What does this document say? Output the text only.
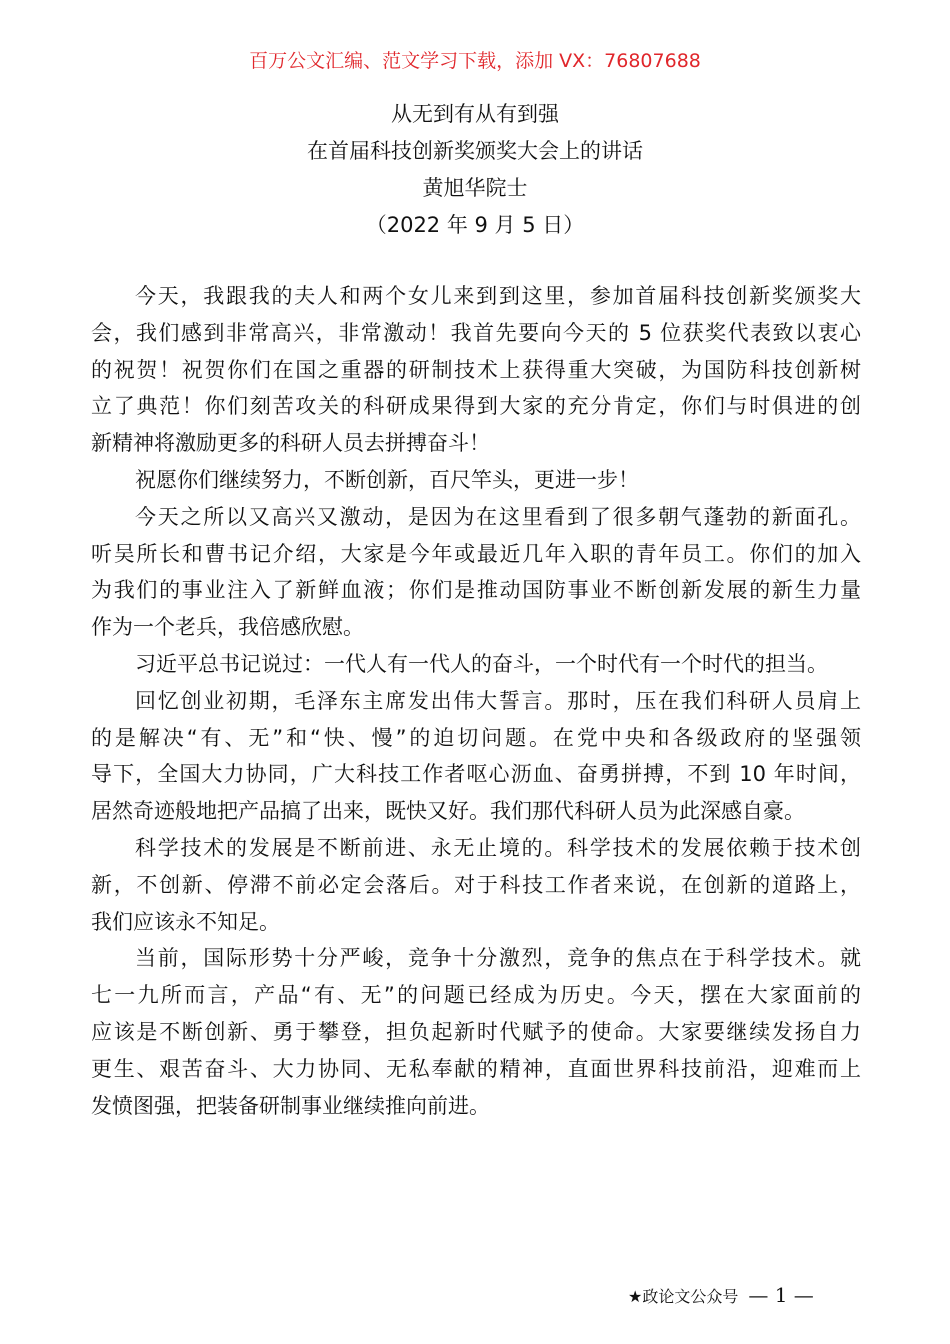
百万公文汇编、范文学习下载，添加 VX：76807688
从无到有从有到强
在首届科技创新奖颁奖大会上的讲话
黄旭华院士
（2022 年 9 月 5 日）
今天，我跟我的夫人和两个女儿来到到这里，参加首届科技创新奖颁奖大
会，我们感到非常高兴，非常激动！我首先要向今天的 5 位获奖代表致以衷心
的祝贺！祝贺你们在国之重器的研制技术上获得重大突破，为国防科技创新树
立了典范！你们刻苦攻关的科研成果得到大家的充分肯定，你们与时俱进的创
新精神将激励更多的科研人员去拼搏奋斗！
祝愿你们继续努力，不断创新，百尺竿头，更进一步！
今天之所以又高兴又激动，是因为在这里看到了很多朝气蓬勃的新面孔。
听吴所长和曹书记介绍，大家是今年或最近几年入职的青年员工。你们的加入
为我们的事业注入了新鲜血液；你们是推动国防事业不断创新发展的新生力量
作为一个老兵，我倍感欣慰。
习近平总书记说过：一代人有一代人的奋斗，一个时代有一个时代的担当。
回忆创业初期，毛泽东主席发出伟大誓言。那时，压在我们科研人员肩上
的是解决“有、无”和“快、慢”的迫切问题。在党中央和各级政府的坚强领
导下，全国大力协同，广大科技工作者呕心沥血、奋勇拼搏，不到 10 年时间，
居然奇迹般地把产品搞了出来，既快又好。我们那代科研人员为此深感自豪。
科学技术的发展是不断前进、永无止境的。科学技术的发展依赖于技术创
新，不创新、停滞不前必定会落后。对于科技工作者来说，在创新的道路上，
我们应该永不知足。
当前，国际形势十分严峻，竞争十分激烈，竞争的焦点在于科学技术。就
七一九所而言，产品“有、无”的问题已经成为历史。今天，摆在大家面前的
应该是不断创新、勇于攀登，担负起新时代赋予的使命。大家要继续发扬自力
更生、艰苦奋斗、大力协同、无私奉献的精神，直面世界科技前沿，迎难而上
发愤图强，把装备研制事业继续推向前进。
★政论文公众号 — 1 —
